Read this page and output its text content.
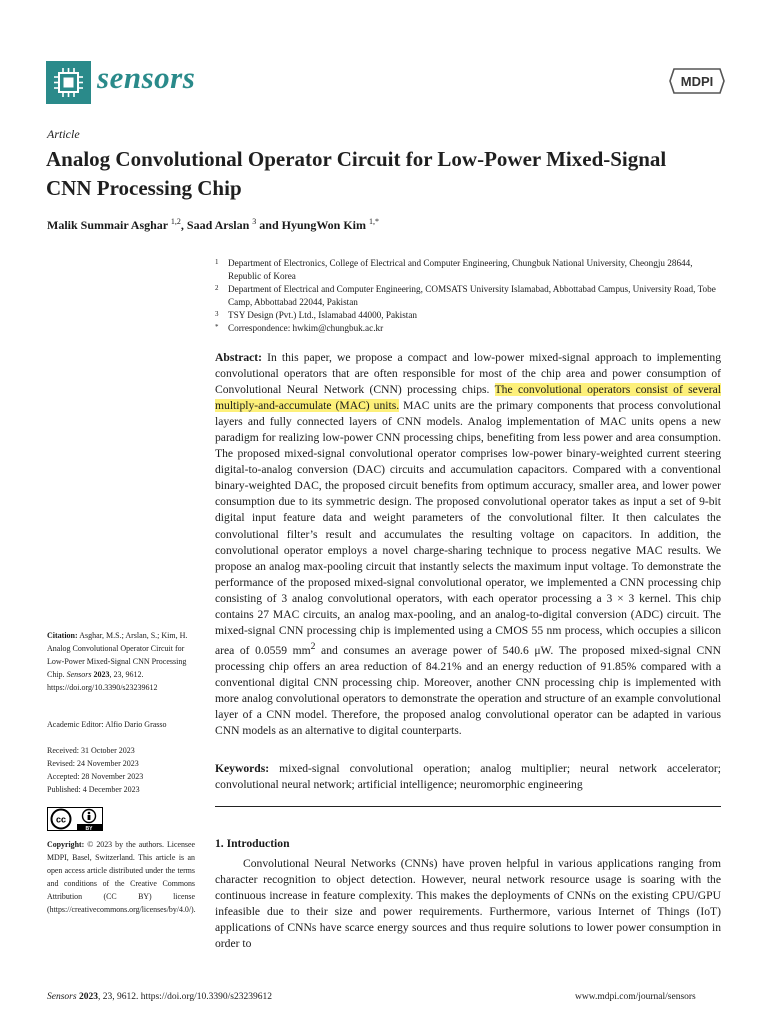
sensors	MDPI
Article
Analog Convolutional Operator Circuit for Low-Power Mixed-Signal CNN Processing Chip
Malik Summair Asghar $^{1,2}$, Saad Arslan $^3$ and HyungWon Kim $^{1,*}$
1 Department of Electronics, College of Electrical and Computer Engineering, Chungbuk National University, Cheongju 28644, Republic of Korea
2 Department of Electrical and Computer Engineering, COMSATS University Islamabad, Abbottabad Campus, University Road, Tobe Camp, Abbottabad 22044, Pakistan
3 TSY Design (Pvt.) Ltd., Islamabad 44000, Pakistan
* Correspondence: hwkim@chungbuk.ac.kr

Abstract: In this paper, we propose a compact and low-power mixed-signal approach to implementing convolutional operators that are often responsible for most of the chip area and power consumption of Convolutional Neural Network (CNN) processing chips. The convolutional operators consist of several multiply-and-accumulate (MAC) units. MAC units are the primary components that process convolutional layers and fully connected layers of CNN models. Analog implementation of MAC units opens a new paradigm for realizing low-power CNN processing chips, benefiting from less power and area consumption. The proposed mixed-signal convolutional operator comprises low-power binary-weighted current steering digital-to-analog conversion (DAC) circuits and accumulation capacitors. Compared with a conventional binary-weighted DAC, the proposed circuit benefits from optimum accuracy, smaller area, and lower power consumption due to its symmetric design. The proposed convolutional operator takes as input a set of 9-bit digital input feature data and weight parameters of the convolutional filter. It then calculates the convolutional filter’s result and accumulates the resulting voltage on capacitors. In addition, the convolutional operator employs a novel charge-sharing technique to process negative MAC results. We propose an analog max-pooling circuit that instantly selects the maximum input voltage. To demonstrate the performance of the proposed mixed-signal convolutional operator, we implemented a CNN processing chip consisting of 3 analog convolutional operators, with each operator processing a 3 × 3 kernel. This chip contains 27 MAC circuits, an analog max-pooling, and an analog-to-digital conversion (ADC) circuit. The mixed-signal CNN processing chip is implemented using a CMOS 55 nm process, which occupies a silicon area of 0.0559 $mm^2$ and consumes an average power of 540.6 μW. The proposed mixed-signal CNN processing chip offers an area reduction of 84.21% and an energy reduction of 91.85% compared with a conventional digital CNN processing chip. Moreover, another CNN processing chip is implemented with more analog convolutional operators to demonstrate the operation and structure of an example convolutional layer of a CNN model. Therefore, the proposed analog convolutional operator can be adapted in various CNN models as an alternative to digital counterparts.

Keywords: mixed-signal convolutional operation; analog multiplier; neural network accelerator; convolutional neural network; artificial intelligence; neuromorphic engineering

1. Introduction

Convolutional Neural Networks (CNNs) have proven helpful in various applications ranging from character recognition to object detection. However, neural network resource usage is soaring with the continuous increase in feature complexity. This makes the deployments of CNNs on the existing CPU/GPU infeasible due to their size and power requirements. Furthermore, various Internet of Things (IoT) applications of CNNs have scarce energy sources and thus require solutions to lower power consumption in order to

Citation: Asghar, M.S.; Arslan, S.; Kim, H. Analog Convolutional Operator Circuit for Low-Power Mixed-Signal CNN Processing Chip. Sensors 2023, 23, 9612. https://doi.org/10.3390/s23239612
Academic Editor: Alfio Dario Grasso
Received: 31 October 2023
Revised: 24 November 2023
Accepted: 28 November 2023
Published: 4 December 2023
cc
BY
Copyright: © 2023 by the authors. Licensee MDPI, Basel, Switzerland. This article is an open access article distributed under the terms and conditions of the Creative Commons Attribution (CC BY) license (https://creativecommons.org/licenses/by/4.0/).
Sensors 2023, 23, 9612. https://doi.org/10.3390/s23239612	www.mdpi.com/journal/sensors
